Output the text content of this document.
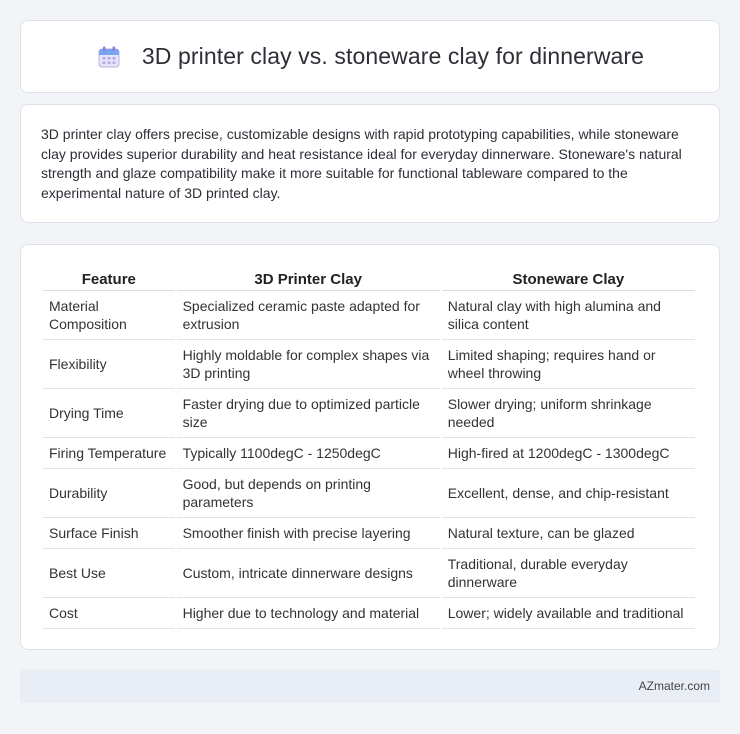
3D printer clay vs. stoneware clay for dinnerware

3D printer clay offers precise, customizable designs with rapid prototyping capabilities, while stoneware clay provides superior durability and heat resistance ideal for everyday dinnerware. Stoneware's natural strength and glaze compatibility make it more suitable for functional tableware compared to the experimental nature of 3D printed clay.

Feature	3D Printer Clay	Stoneware Clay
Material Composition	Specialized ceramic paste adapted for extrusion	Natural clay with high alumina and silica content
Flexibility	Highly moldable for complex shapes via 3D printing	Limited shaping; requires hand or wheel throwing
Drying Time	Faster drying due to optimized particle size	Slower drying; uniform shrinkage needed
Firing Temperature	Typically 1100degC - 1250degC	High-fired at 1200degC - 1300degC
Durability	Good, but depends on printing parameters	Excellent, dense, and chip-resistant
Surface Finish	Smoother finish with precise layering	Natural texture, can be glazed
Best Use	Custom, intricate dinnerware designs	Traditional, durable everyday dinnerware
Cost	Higher due to technology and material	Lower; widely available and traditional
AZmater.com
